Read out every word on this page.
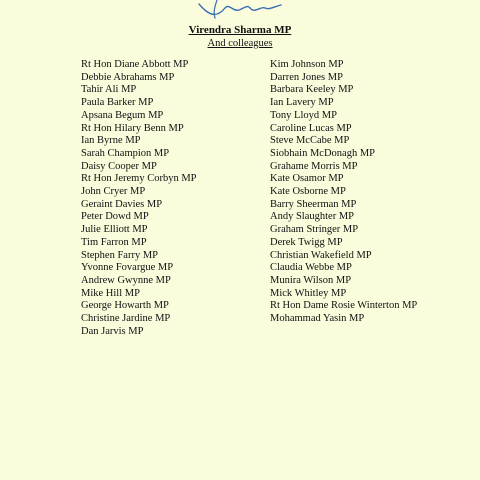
Virendra Sharma MP
And colleagues
Rt Hon Diane Abbott MP
Debbie Abrahams MP
Tahir Ali MP
Paula Barker MP
Apsana Begum MP
Rt Hon Hilary Benn MP
Ian Byrne MP
Sarah Champion MP
Daisy Cooper MP
Rt Hon Jeremy Corbyn MP
John Cryer MP
Geraint Davies MP
Peter Dowd MP
Julie Elliott MP
Tim Farron MP
Stephen Farry MP
Yvonne Fovargue MP
Andrew Gwynne MP
Mike Hill MP
George Howarth MP
Christine Jardine MP
Dan Jarvis MP
Kim Johnson MP
Darren Jones MP
Barbara Keeley MP
Ian Lavery MP
Tony Lloyd MP
Caroline Lucas MP
Steve McCabe MP
Siobhain McDonagh MP
Grahame Morris MP
Kate Osamor MP
Kate Osborne MP
Barry Sheerman MP
Andy Slaughter MP
Graham Stringer MP
Derek Twigg MP
Christian Wakefield MP
Claudia Webbe MP
Munira Wilson MP
Mick Whitley MP
Rt Hon Dame Rosie Winterton MP
Mohammad Yasin MP
